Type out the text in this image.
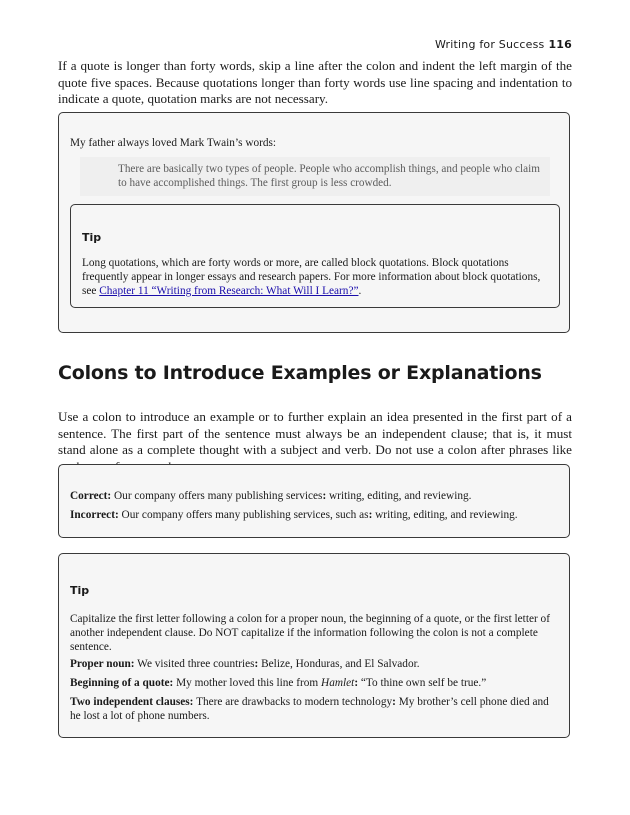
Writing for Success 116

If a quote is longer than forty words, skip a line after the colon and indent the left margin of the quote five spaces. Because quotations longer than forty words use line spacing and indentation to indicate a quote, quotation marks are not necessary.

My father always loved Mark Twain’s words:

There are basically two types of people. People who accomplish things, and people who claim to have accomplished things. The first group is less crowded.

Tip

Long quotations, which are forty words or more, are called block quotations. Block quotations frequently appear in longer essays and research papers. For more information about block quotations, see Chapter 11 “Writing from Research: What Will I Learn?”.

Colons to Introduce Examples or Explanations

Use a colon to introduce an example or to further explain an idea presented in the first part of a sentence. The first part of the sentence must always be an independent clause; that is, it must stand alone as a complete thought with a subject and verb. Do not use a colon after phrases like

Correct: Our company offers many publishing services: writing, editing, and reviewing.

Incorrect: Our company offers many publishing services, such as: writing, editing, and reviewing.

Tip

Capitalize the first letter following a colon for a proper noun, the beginning of a quote, or the first letter of another independent clause. Do NOT capitalize if the information following the colon is not a complete sentence.

Proper noun: We visited three countries: Belize, Honduras, and El Salvador.

Beginning of a quote: My mother loved this line from Hamlet: “To thine own self be true.”

Two independent clauses: There are drawbacks to modern technology: My brother’s cell phone died and he lost a lot of phone numbers.
